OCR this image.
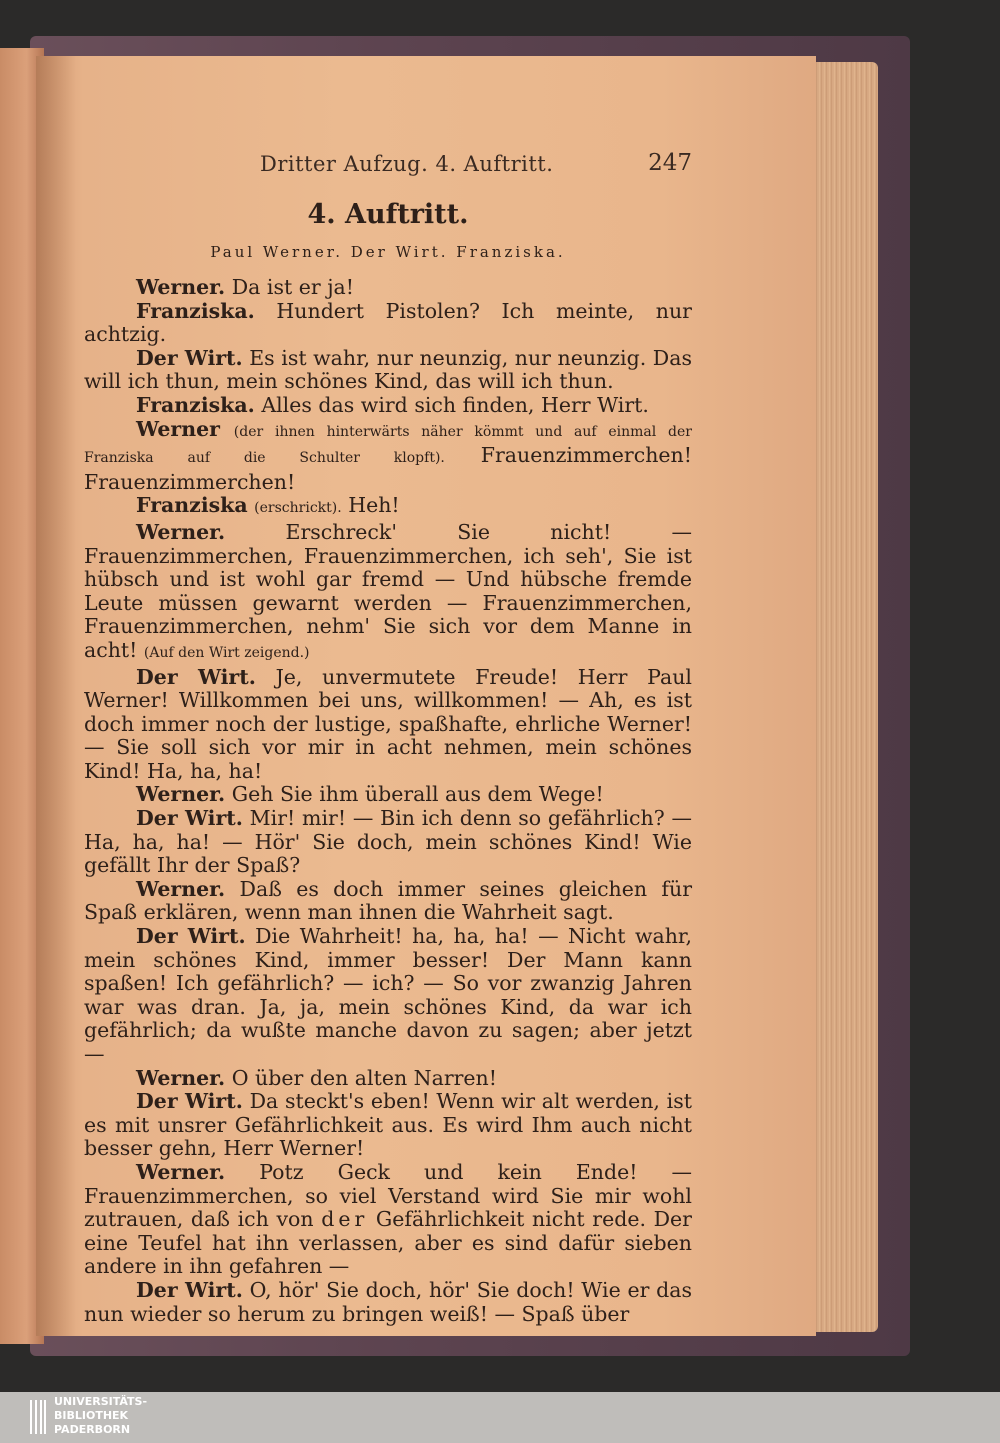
Dritter Aufzug. 4. Auftritt.	247
4. Auftritt.
Paul Werner. Der Wirt. Franziska.

Werner. Da ist er ja!

Franziska. Hundert Pistolen? Ich meinte, nur achtzig.

Der Wirt. Es ist wahr, nur neunzig, nur neunzig. Das will ich thun, mein schönes Kind, das will ich thun.

Franziska. Alles das wird sich finden, Herr Wirt.

Werner (der ihnen hinterwärts näher kömmt und auf einmal der Franziska auf die Schulter klopft). Frauenzimmerchen! Frauenzimmerchen!

Franziska (erschrickt). Heh!

Werner.	Erschreck' Sie nicht! — Frauenzimmerchen, Frauenzimmerchen, ich seh', Sie ist hübsch und ist wohl gar fremd — Und hübsche fremde Leute müssen gewarnt werden — Frauenzimmerchen, Frauenzimmerchen, nehm' Sie sich vor dem Manne in acht! (Auf den Wirt zeigend.)

Der Wirt. Je, unvermutete Freude! Herr Paul Werner! Willkommen bei uns, willkommen! — Ah, es ist doch immer noch der lustige, spaßhafte, ehrliche Werner! — Sie soll sich vor mir in acht nehmen, mein schönes Kind! Ha, ha, ha!

Werner. Geh Sie ihm überall aus dem Wege!

Der Wirt. Mir! mir! — Bin ich denn so gefährlich? — Ha, ha, ha! — Hör' Sie doch, mein schönes Kind! Wie gefällt Ihr der Spaß?

Werner. Daß es doch immer seines gleichen für Spaß erklären, wenn man ihnen die Wahrheit sagt.

Der Wirt. Die Wahrheit! ha, ha, ha! — Nicht wahr, mein schönes Kind, immer besser! Der Mann kann spaßen! Ich gefährlich? — ich? — So vor zwanzig Jahren war was dran. Ja, ja, mein schönes Kind, da war ich gefährlich; da wußte manche davon zu sagen; aber jetzt —

Werner. O über den alten Narren!

Der Wirt. Da steckt's eben! Wenn wir alt werden, ist es mit unsrer Gefährlichkeit aus. Es wird Ihm auch nicht besser gehn, Herr Werner!

Werner. Potz Geck und kein Ende! — Frauenzimmerchen, so viel Verstand wird Sie mir wohl zutrauen, daß ich von der Gefährlichkeit nicht rede. Der eine Teufel hat ihn verlassen, aber es sind dafür sieben andere in ihn gefahren —

Der Wirt. O, hör' Sie doch, hör' Sie doch! Wie er das nun wieder so herum zu bringen weiß! — Spaß über

UNIVERSITÄTS-
BIBLIOTHEK
PADERBORN
